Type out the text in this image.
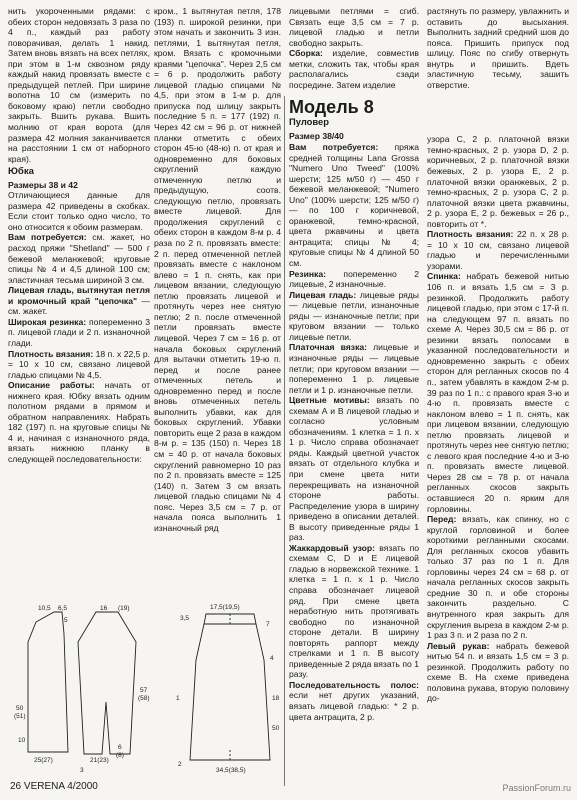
нить укороченными рядами: с обеих сторон недовязать 3 раза по 4 п., каждый раз работу поворачивая, делать 1 накид. Затем вновь вязать на всех петлях, при этом в 1-м сквозном ряду каждый накид провязать вместе с предыдущей петлей. При ширине вопотна 10 см (измерить по боковому краю) петли свободно закрыть. Вшить рукава. Вшить молнию от края ворота (для размера 42 молния заканчивается на расстоянии 1 см от наборного края).

Юбка

Размеры 38 и 42

Отличающиеся данные для размера 42 приведены в скобках. Если стоит только одно число, то оно относится к обоим размерам.

Вам потребуется: см. жакет, но расход пряжи "Shetland" — 500 г бежевой меланжевой; круговые спицы № 4 и 4,5 длиной 100 см; эластичная тесьма шириной 3 см.

Лицевая гладь, вытянутая петля и кромочный край "цепочка" — см. жакет.

Широкая резинка: попеременно 3 п. лицевой глади и 2 п. изнаночной глади.

Плотность вязания: 18 п. х 22,5 р. = 10 х 10 см, связано лицевой гладью спицами № 4,5.

Описание работы: начать от нижнего края. Юбку вязать одним полотном рядами в прямом и обратном направлениях. Набрать 182 (197) п. на круговые спицы № 4 и, начиная с изнаночного ряда, вязать нижнюю планку в следующей последовательности:

кром., 1 вытянутая петля, 178 (193) п. широкой резинки, при этом начать и закончить 3 изн. петлями, 1 вытянутая петля, кром. Вязать с кромочными краями "цепочка". Через 2,5 см = 6 р. продолжить работу лицевой гладью спицами № 4,5, при этом в 1-м р. для припуска под шлицу закрыть последние 5 п. = 177 (192) п. Через 42 см = 96 р. от нижней планки отметить с обеих сторон 45-ю (48-ю) п. от края и одновременно для боковых скруглений каждую отмеченную петлю и предыдущую, соотв. следующую петлю, провязать вместе лицевой. Для продолжения скруглений с обеих сторон в каждом 8-м р. 4 раза по 2 п. провязать вместе: 2 п. перед отмеченной петлей провязать вместе с наклоном влево = 1 п. снять, как при лицевом вязании, следующую петлю провязать лицевой и протянуть через нее снятую петлю; 2 п. после отмеченной петли провязать вместе лицевой. Через 7 см = 16 р. от начала боковых скруглений для вытачки отметить 19-ю п. перед и после ранее отмеченных петель и одновременно перед и после вновь отмеченных петель выполнить убавки, как для боковых скруглений. Убавки повторить еще 2 раза в каждом 8-м р. = 135 (150) п. Через 18 см = 40 р. от начала боковых скруглений равномерно 10 раз по 2 п. провязать вместе = 125 (140) п. Затем 3 см вязать лицевой гладью спицами № 4 пояс. Через 3,5 см = 7 р. от начала пояса выполнить 1 изнаночный ряд

лицевыми петлями = сгиб. Связать еще 3,5 см = 7 р. лицевой гладью и петли свободно закрыть.

Сборка: изделие, совместив метки, сложить так, чтобы края располагались сзади посредине. Затем изделие

Модель 8
Пуловер

Размер 38/40

Вам потребуется: пряжа средней толщины Lana Grossa "Numero Uno Tweed" (100% шерсти; 125 м/50 г) — 450 г бежевой меланжевой; "Numero Uno" (100% шерсти; 125 м/50 г) — по 100 г коричневой, оранжевой, темно-красной, цвета ржавчины и цвета антрацита; спицы № 4; круговые спицы № 4 длиной 50 см.

Резинка: попеременно 2 лицевые, 2 изнаночные.

Лицевая гладь: лицевые ряды — лицевые петли, изнаночные ряды — изнаночные петли; при круговом вязании — только лицевые петли.

Платочная вязка: лицевые и изнаночные ряды — лицевые петли; при круговом вязании — попеременно 1 р. лицевые петли и 1 р. изнаночные петли.

Цветные мотивы: вязать по схемам А и В лицевой гладью и согласно условным обозначениям. 1 клетка = 1 п. х 1 р. Число справа обозначает ряды. Каждый цветной участок вязать от отдельного клубка и при смене цвета нити перекрещивать на изнаночной стороне работы. Распределение узора в ширину приведено в описании деталей. В высоту приведенные ряды 1 раз.

Жаккардовый узор: вязать по схемам С, D и Е лицевой гладью в норвежской технике. 1 клетка = 1 п. х 1 р. Число справа обозначает лицевой ряд. При смене цвета неработную нить протягивать свободно по изнаночной стороне детали. В ширину повторять раппорт между стрелками и 1 п. В высоту приведенные 2 ряда вязать по 1 разу.

Последовательность полос: если нет других указаний, вязать лицевой гладью: * 2 р. цвета антрацита, 2 р.

растянуть по размеру, увлажнить и оставить до высыхания. Выполнить задний средний шов до пояса. Пришить припуск под шлицу. Пояс по сгибу отвернуть внутрь и пришить. Вдеть эластичную тесьму, зашить отверстие.

узора С, 2 р. платочной вязки темно-красных, 2 р. узора D, 2 р. коричневых, 2 р. платочной вязки бежевых, 2 р. узора Е, 2 р. платочной вязки оранжевых, 2 р. темно-красных, 2 р. узора С, 2 р. платочной вязки цвета ржавчины, 2 р. узора Е, 2 р. бежевых = 26 р., повторить от *.

Плотность вязания: 22 п. х 28 р. = 10 х 10 см, связано лицевой гладью и перечисленными узорами.

Спинка: набрать бежевой нитью 106 п. и вязать 1,5 см = 3 р. резинкой. Продолжить работу лицевой гладью, при этом с 17-й п. на следующем 97 п. вязать по схеме А. Через 30,5 см = 86 р. от резинки вязать полосами в указанной последовательности и одновременно закрыть с обеих сторон для регланных скосов по 4 п., затем убавлять в каждом 2-м р. 39 раз по 1 п.: с правого края 3-ю и 4-ю п. провязать вместе с наклоном влево = 1 п. снять, как при лицевом вязании, следующую петлю провязать лицевой и протянуть через нее снятую петлю; с левого края последние 4-ю и 3-ю п. провязать вместе лицевой. Через 28 см = 78 р. от начала регланных скосов закрыть оставшиеся 20 п. ярким для горловины.

Перед: вязать, как спинку, но с круглой горловиной и более короткими регланными скосами. Для регланных скосов убавить только 37 раз по 1 п. Для горловины через 24 см = 68 р. от начала регланных скосов закрыть средние 30 п. и обе стороны закончить раздельно. С внутренного края закрыть для скругления выреза в каждом 2-м р. 1 раз 3 п. и 2 раза по 2 п.

Левый рукав: набрать бежевой нитью 54 п. и вязать 1,5 см = 3 р. резинкой. Продолжить работу по схеме В. На схеме приведена половина рукава, вторую половину до-

10,5 6,5
5
16 (19)
50
(51)
10
25(27)	21(23)
57
(58)
6
(8)
3
17,5(19,5)
7
4
3,5
18
1
50
2
34,5(38,5)
26 VERENA 4/2000	PassionForum.ru
